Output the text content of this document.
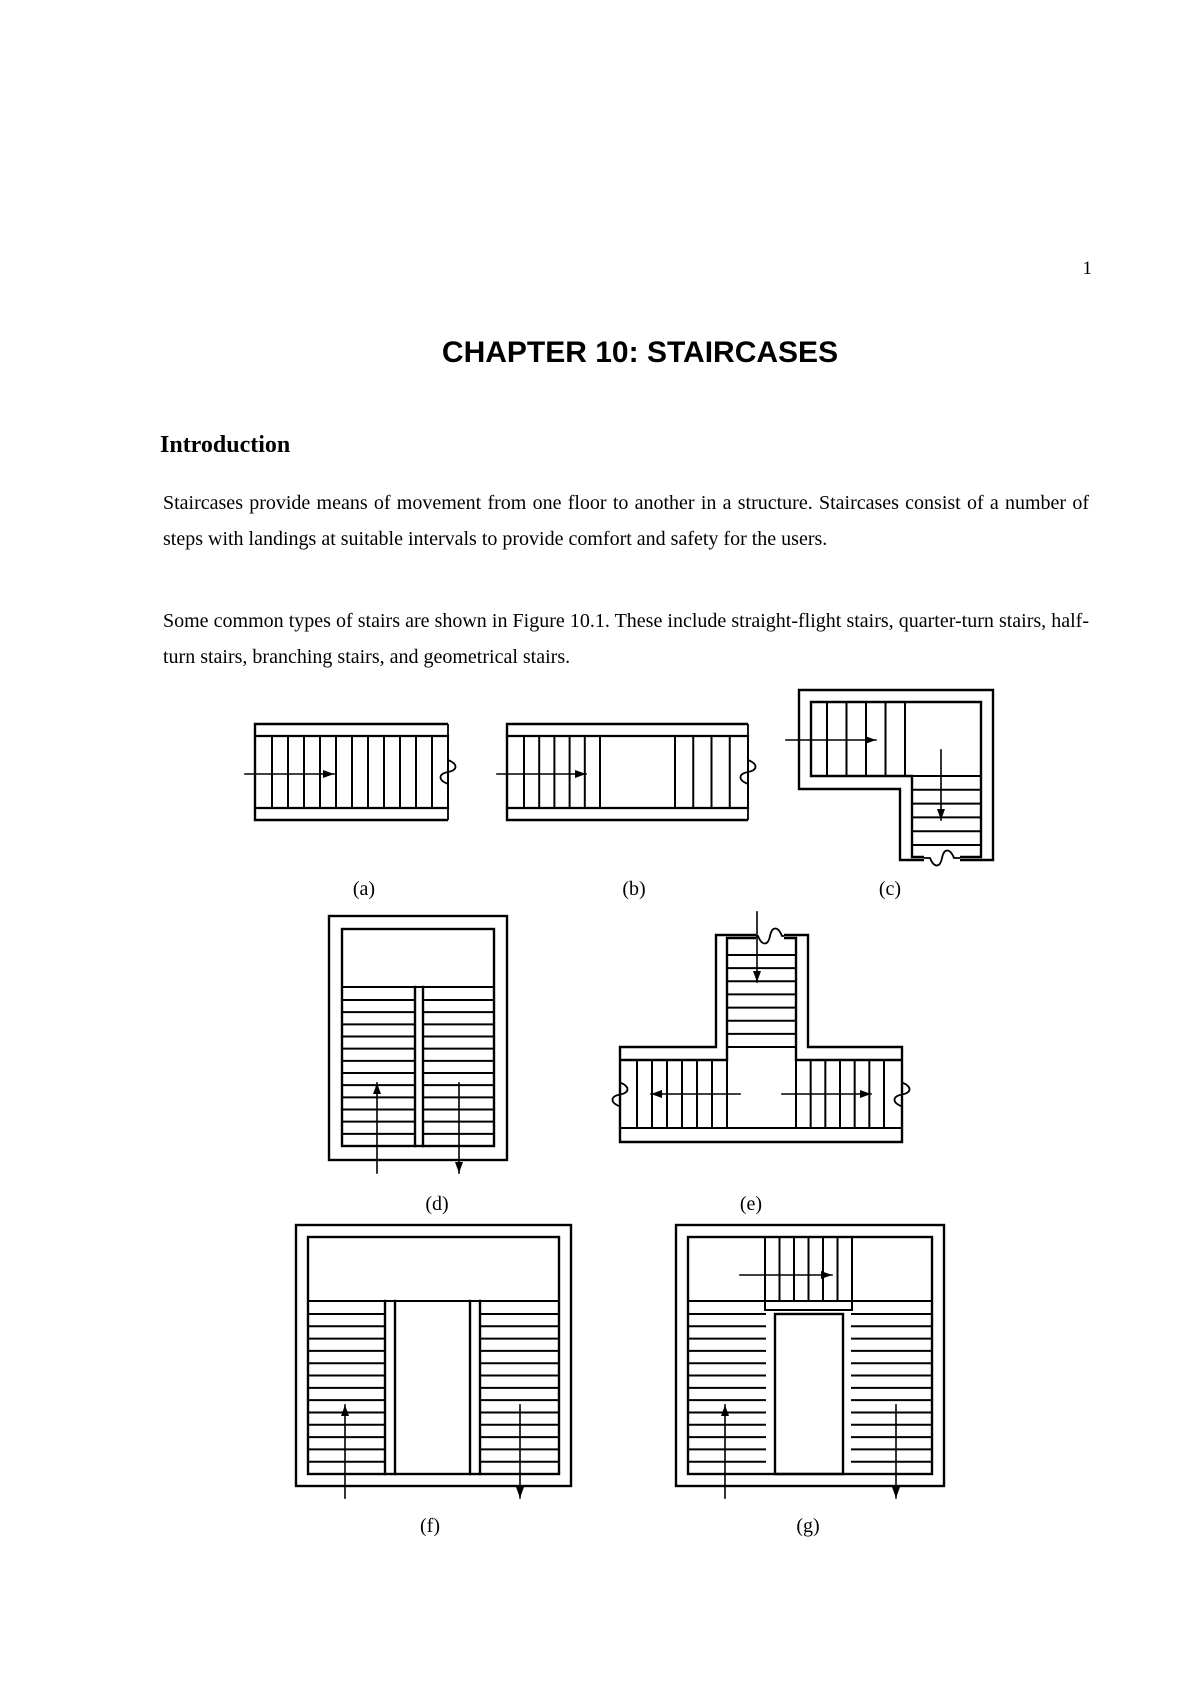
1
CHAPTER 10: STAIRCASES
Introduction

Staircases provide means of movement from one floor to another in a structure. Staircases consist of a number of steps with landings at suitable intervals to provide comfort and safety for the users.

Some common types of stairs are shown in Figure 10.1. These include straight-flight stairs, quarter-turn stairs, half-turn stairs, branching stairs, and geometrical stairs.

(a)	(b)	(c)
(d)	(e)
(f)	(g)
